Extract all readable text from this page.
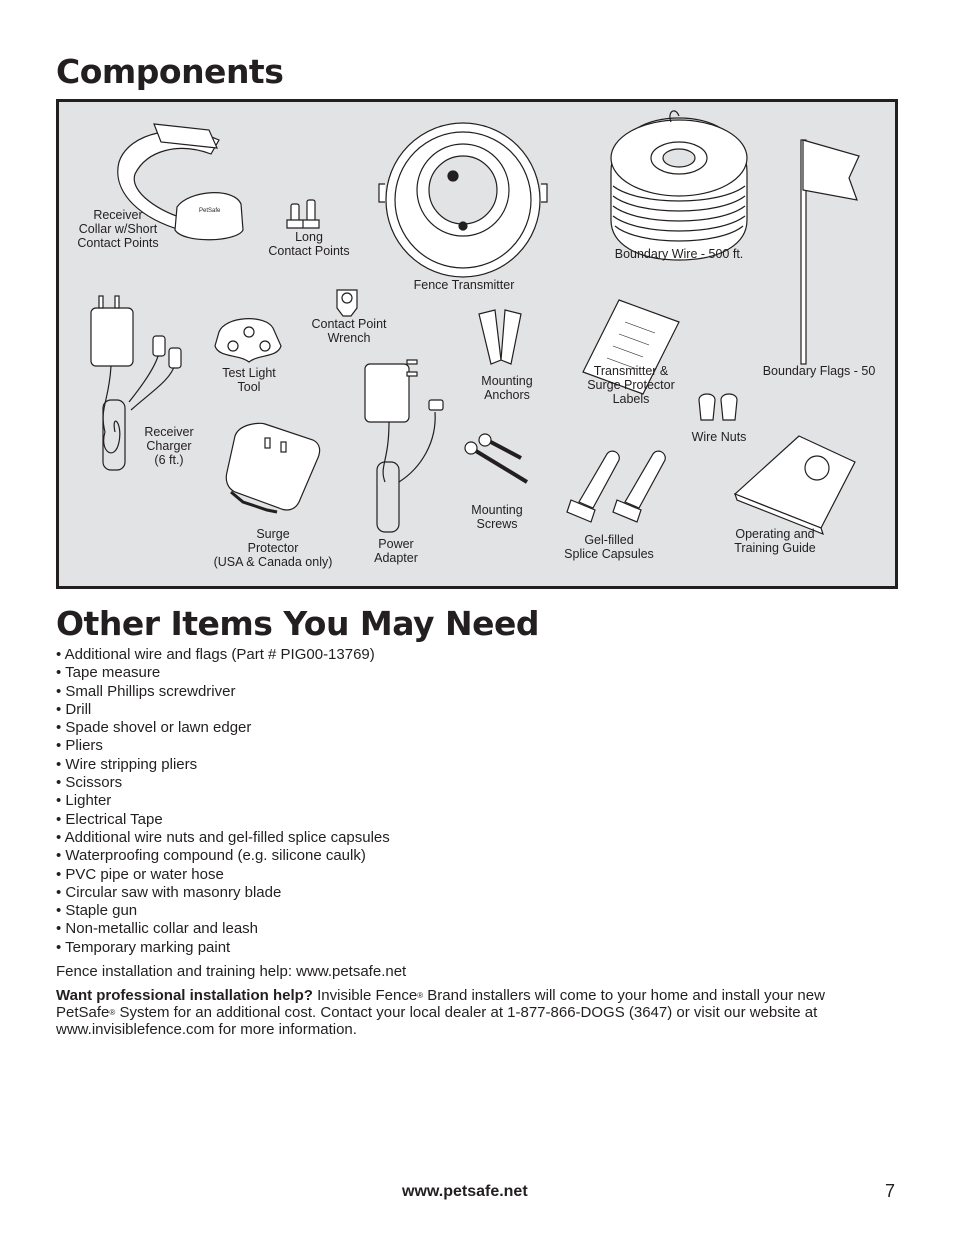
Components
PetSafe
Receiver
Collar w/Short
Contact Points	Long
Contact Points
Fence Transmitter
Boundary Wire - 500 ft.
Contact Point
Wrench
Test Light
Tool
Receiver
Charger
(6 ft.)
Mounting
Anchors
Transmitter &
Surge Protector
Labels
Boundary Flags - 50
Wire Nuts
Surge
Protector
(USA & Canada only)
Power
Adapter
Mounting
Screws
Gel-filled
Splice Capsules
Operating and
Training Guide
Other Items You May Need
• Additional wire and flags (Part # PIG00-13769)
• Tape measure
• Small Phillips screwdriver
• Drill
• Spade shovel or lawn edger
• Pliers
• Wire stripping pliers
• Scissors
• Lighter
• Electrical Tape
• Additional wire nuts and gel-filled splice capsules
• Waterproofing compound (e.g. silicone caulk)
• PVC pipe or water hose
• Circular saw with masonry blade
• Staple gun
• Non-metallic collar and leash
• Temporary marking paint

Fence installation and training help: www.petsafe.net

Want professional installation help? Invisible Fence® Brand installers will come to your home and install your new PetSafe® System for an additional cost. Contact your local dealer at 1-877-866-DOGS (3647) or visit our website at www.invisiblefence.com for more information.

www.petsafe.net	7
